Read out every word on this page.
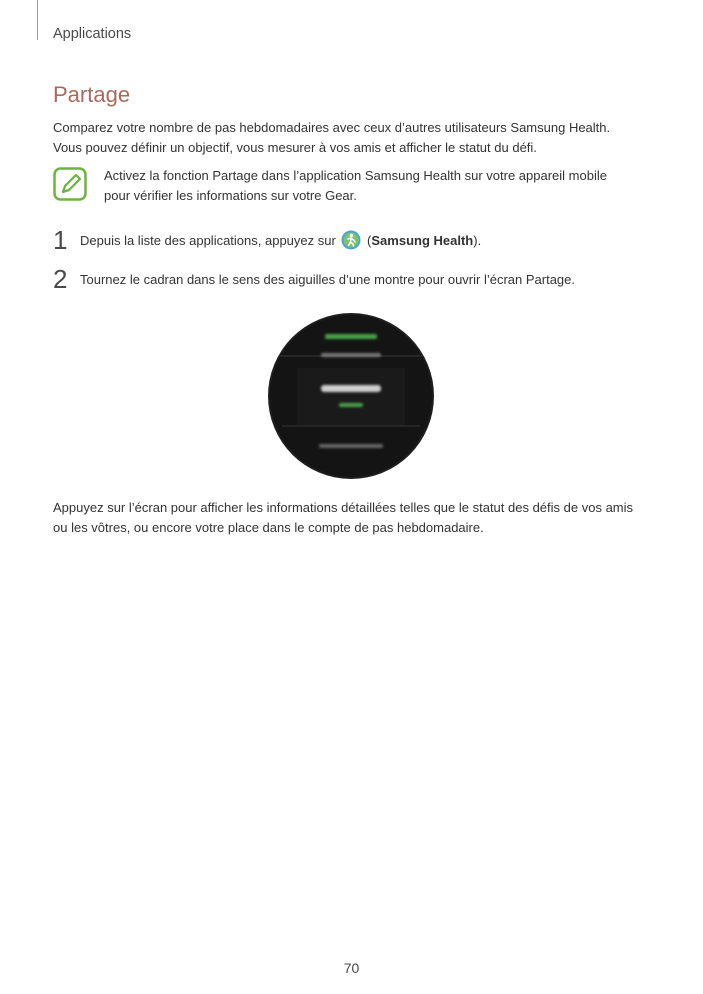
Applications
Partage
Comparez votre nombre de pas hebdomadaires avec ceux d’autres utilisateurs Samsung Health.
Vous pouvez définir un objectif, vous mesurer à vos amis et afficher le statut du défi.
Activez la fonction Partage dans l’application Samsung Health sur votre appareil mobile
pour vérifier les informations sur votre Gear.
1 Depuis la liste des applications, appuyez sur  (Samsung Health).
2 Tournez le cadran dans le sens des aiguilles d’une montre pour ouvrir l’écran Partage.
Appuyez sur l’écran pour afficher les informations détaillées telles que le statut des défis de vos amis
ou les vôtres, ou encore votre place dans le compte de pas hebdomadaire.
70
